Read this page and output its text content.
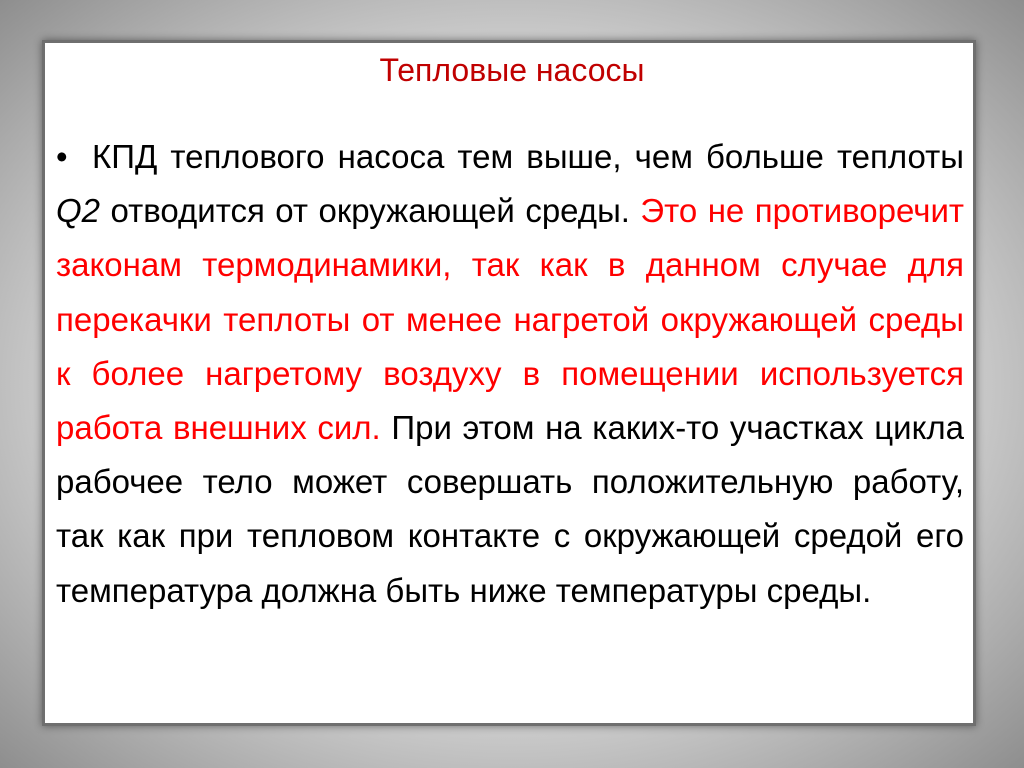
Тепловые насосы
• КПД теплового насоса тем выше, чем больше теплоты Q2 отводится от окружающей среды. Это не противоречит законам термодинамики, так как в данном случае для перекачки теплоты от менее нагретой окружающей среды к более нагретому воздуху в помещении используется работа внешних сил. При этом на каких-то участках цикла рабочее тело может совершать положительную работу, так как при тепловом контакте с окружающей средой его температура должна быть ниже температуры среды.
